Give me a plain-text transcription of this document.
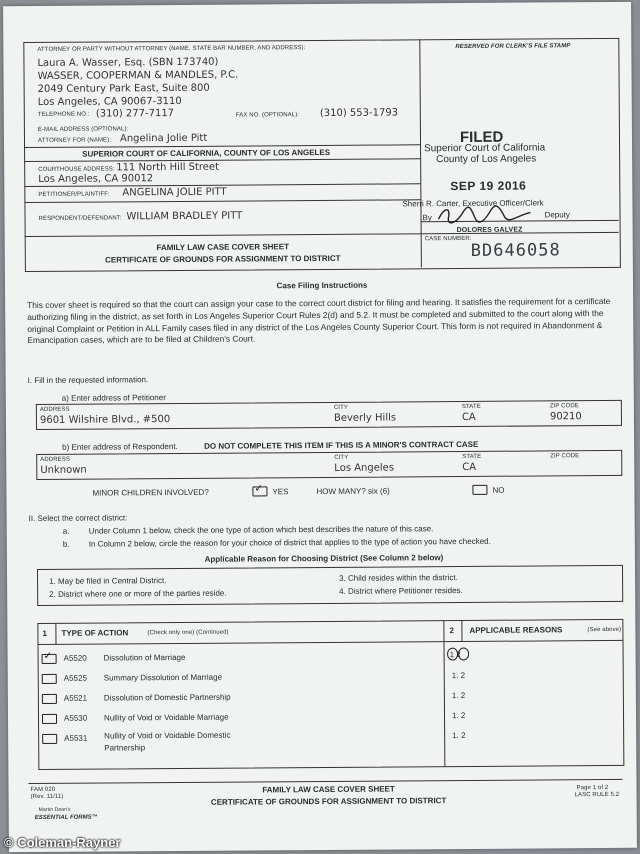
ATTORNEY OR PARTY WITHOUT ATTORNEY (NAME, STATE BAR NUMBER, AND ADDRESS):
Laura A. Wasser, Esq. (SBN 173740)
WASSER, COOPERMAN & MANDLES, P.C.
2049 Century Park East, Suite 800
Los Angeles, CA 90067-3110
TELEPHONE NO.: (310) 277-7117	FAX NO. (OPTIONAL): (310) 553-1793
E-MAIL ADDRESS (OPTIONAL):
ATTORNEY FOR (NAME): Angelina Jolie Pitt
SUPERIOR COURT OF CALIFORNIA, COUNTY OF LOS ANGELES
COURTHOUSE ADDRESS: 111 North Hill Street
Los Angeles, CA 90012
PETITIONER/PLAINTIFF: ANGELINA JOLIE PITT
RESPONDENT/DEFENDANT: WILLIAM BRADLEY PITT
FAMILY LAW CASE COVER SHEET
CERTIFICATE OF GROUNDS FOR ASSIGNMENT TO DISTRICT
RESERVED FOR CLERK'S FILE STAMP
FILED
Superior Court of California
County of Los Angeles
SEP 19 2016
Sherri R. Carter, Executive Officer/Clerk
By	Deputy
DOLORES GALVEZ
CASE NUMBER:
BD646058
Case Filing Instructions

This cover sheet is required so that the court can assign your case to the correct court district for filing and hearing. It satisfies the requirement for a certificate authorizing filing in the district, as set forth in Los Angeles Superior Court Rules 2(d) and 5.2. It must be completed and submitted to the court along with the original Complaint or Petition in ALL Family cases filed in any district of the Los Angeles County Superior Court. This form is not required in Abandonment & Emancipation cases, which are to be filed at Children's Court.

I. Fill in the requested information.
a) Enter address of Petitioner
ADDRESS	CITY	STATE	ZIP CODE
9601 Wilshire Blvd., #500	Beverly Hills	CA	90210
b) Enter address of Respondent.	DO NOT COMPLETE THIS ITEM IF THIS IS A MINOR'S CONTRACT CASE
ADDRESS	CITY	STATE	ZIP CODE
Unknown	Los Angeles	CA
MINOR CHILDREN INVOLVED?	✓ YES	HOW MANY? six (6)	NO
II. Select the correct district:
a. Under Column 1 below, check the one type of action which best describes the nature of this case.
b. In Column 2 below, circle the reason for your choice of district that applies to the type of action you have checked.
Applicable Reason for Choosing District (See Column 2 below)
1. May be filed in Central District.
2. District where one or more of the parties reside.
3. Child resides within the district.
4. District where Petitioner resides.
1 TYPE OF ACTION	(Check only one) (Continued)	2 APPLICABLE REASONS	(See above)
✓ A5520 Dissolution of Marriage	1 2
A5525 Summary Dissolution of Marriage	1. 2
A5521 Dissolution of Domestic Partnership	1. 2
A5530 Nullity of Void or Voidable Marriage	1. 2
A5531 Nullity of Void or Voidable Domestic
Partnership
1. 2
FAM 020
(Rev. 11/11)
Martin Dean's
ESSENTIAL FORMS™
FAMILY LAW CASE COVER SHEET
CERTIFICATE OF GROUNDS FOR ASSIGNMENT TO DISTRICT
Page 1 of 2
LASC RULE 5.2
© Coleman-Rayner
